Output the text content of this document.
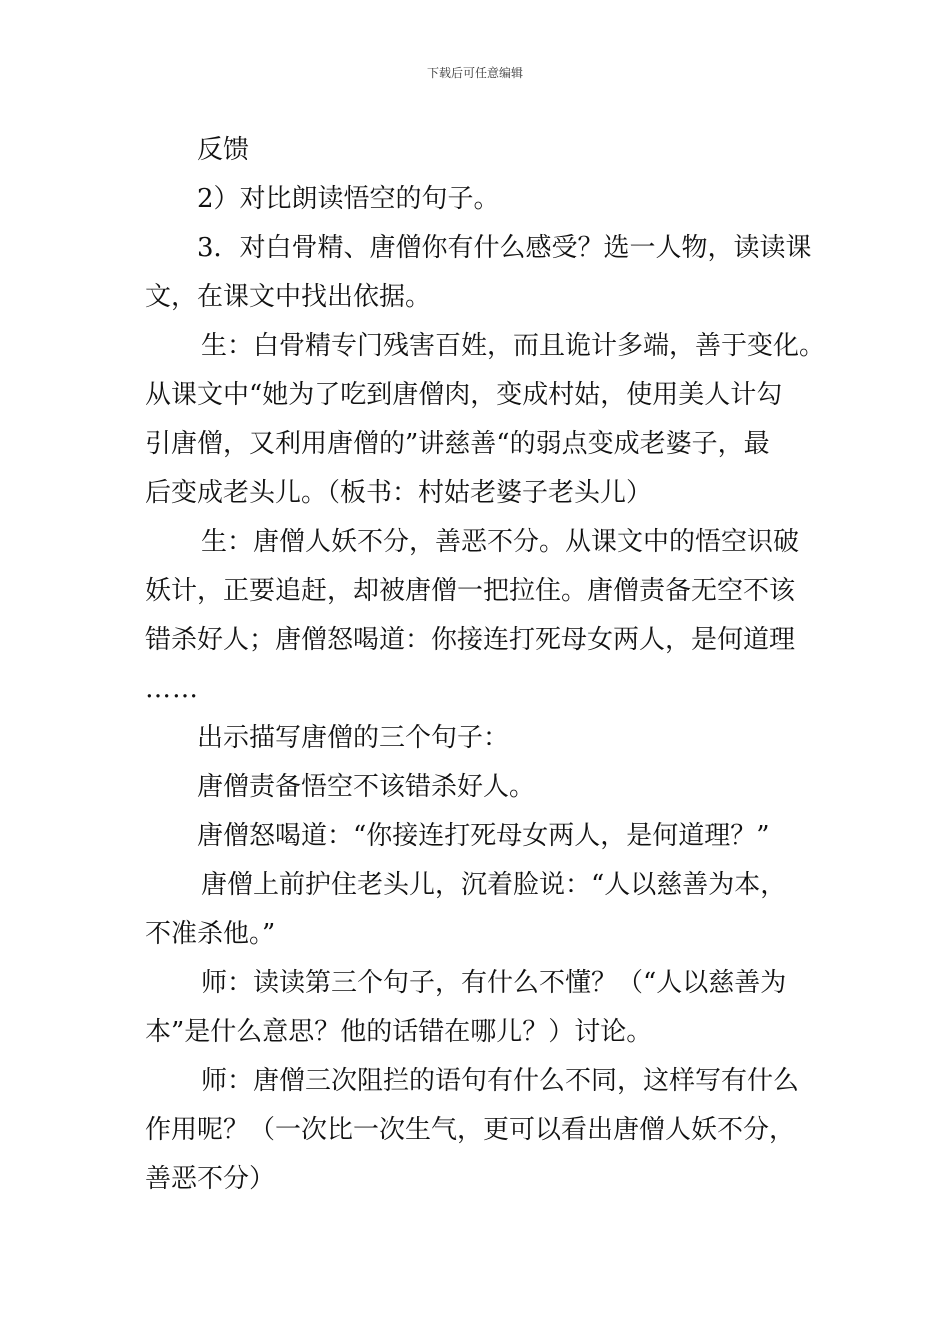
下载后可任意编辑
反馈
2）对比朗读悟空的句子。
3．对白骨精、唐僧你有什么感受？选一人物，读读课
文，在课文中找出依据。
生：白骨精专门残害百姓，而且诡计多端，善于变化。
从课文中“她为了吃到唐僧肉，变成村姑，使用美人计勾
引唐僧，又利用唐僧的”讲慈善“的弱点变成老婆子，最
后变成老头儿。（板书：村姑老婆子老头儿）
生：唐僧人妖不分，善恶不分。从课文中的悟空识破
妖计，正要追赶，却被唐僧一把拉住。唐僧责备无空不该
错杀好人；唐僧怒喝道：你接连打死母女两人，是何道理
……
出示描写唐僧的三个句子：
唐僧责备悟空不该错杀好人。
唐僧怒喝道：“你接连打死母女两人，是何道理？”
唐僧上前护住老头儿，沉着脸说：“人以慈善为本，
不准杀他。”
师：读读第三个句子，有什么不懂？（“人以慈善为
本”是什么意思？他的话错在哪儿？）讨论。
师：唐僧三次阻拦的语句有什么不同，这样写有什么
作用呢？（一次比一次生气，更可以看出唐僧人妖不分，
善恶不分）
